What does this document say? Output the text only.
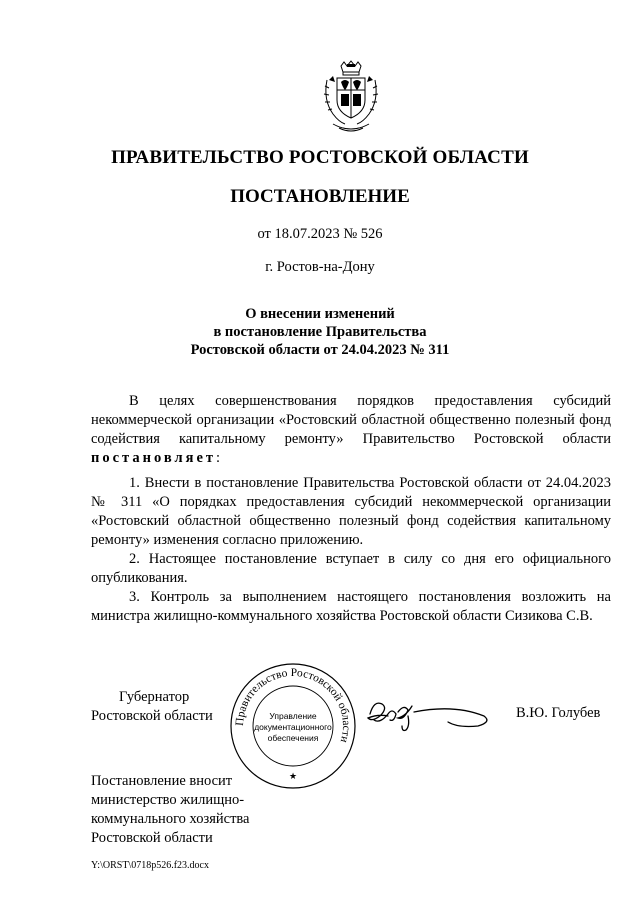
ПРАВИТЕЛЬСТВО РОСТОВСКОЙ ОБЛАСТИ
ПОСТАНОВЛЕНИЕ
от 18.07.2023 № 526
г. Ростов-на-Дону
О внесении изменений
в постановление Правительства
Ростовской области от 24.04.2023 № 311

В целях совершенствования порядков предоставления субсидий некоммерческой организации «Ростовский областной общественно полезный фонд содействия капитальному ремонту» Правительство Ростовской области постановляет:

1. Внести в постановление Правительства Ростовской области от 24.04.2023 № 311 «О порядках предоставления субсидий некоммерческой организации «Ростовский областной общественно полезный фонд содействия капитальному ремонту» изменения согласно приложению.

2. Настоящее постановление вступает в силу со дня его официального опубликования.

3. Контроль за выполнением настоящего постановления возложить на министра жилищно-коммунального хозяйства Ростовской области Сизикова С.В.

Губернатор
Ростовской области Правительство Ростовской области
★
Управление
документационного
обеспечения
В.Ю. Голубев
Постановление вносит
министерство жилищно-
коммунального хозяйства
Ростовской области
Y:\ORST\0718p526.f23.docx
